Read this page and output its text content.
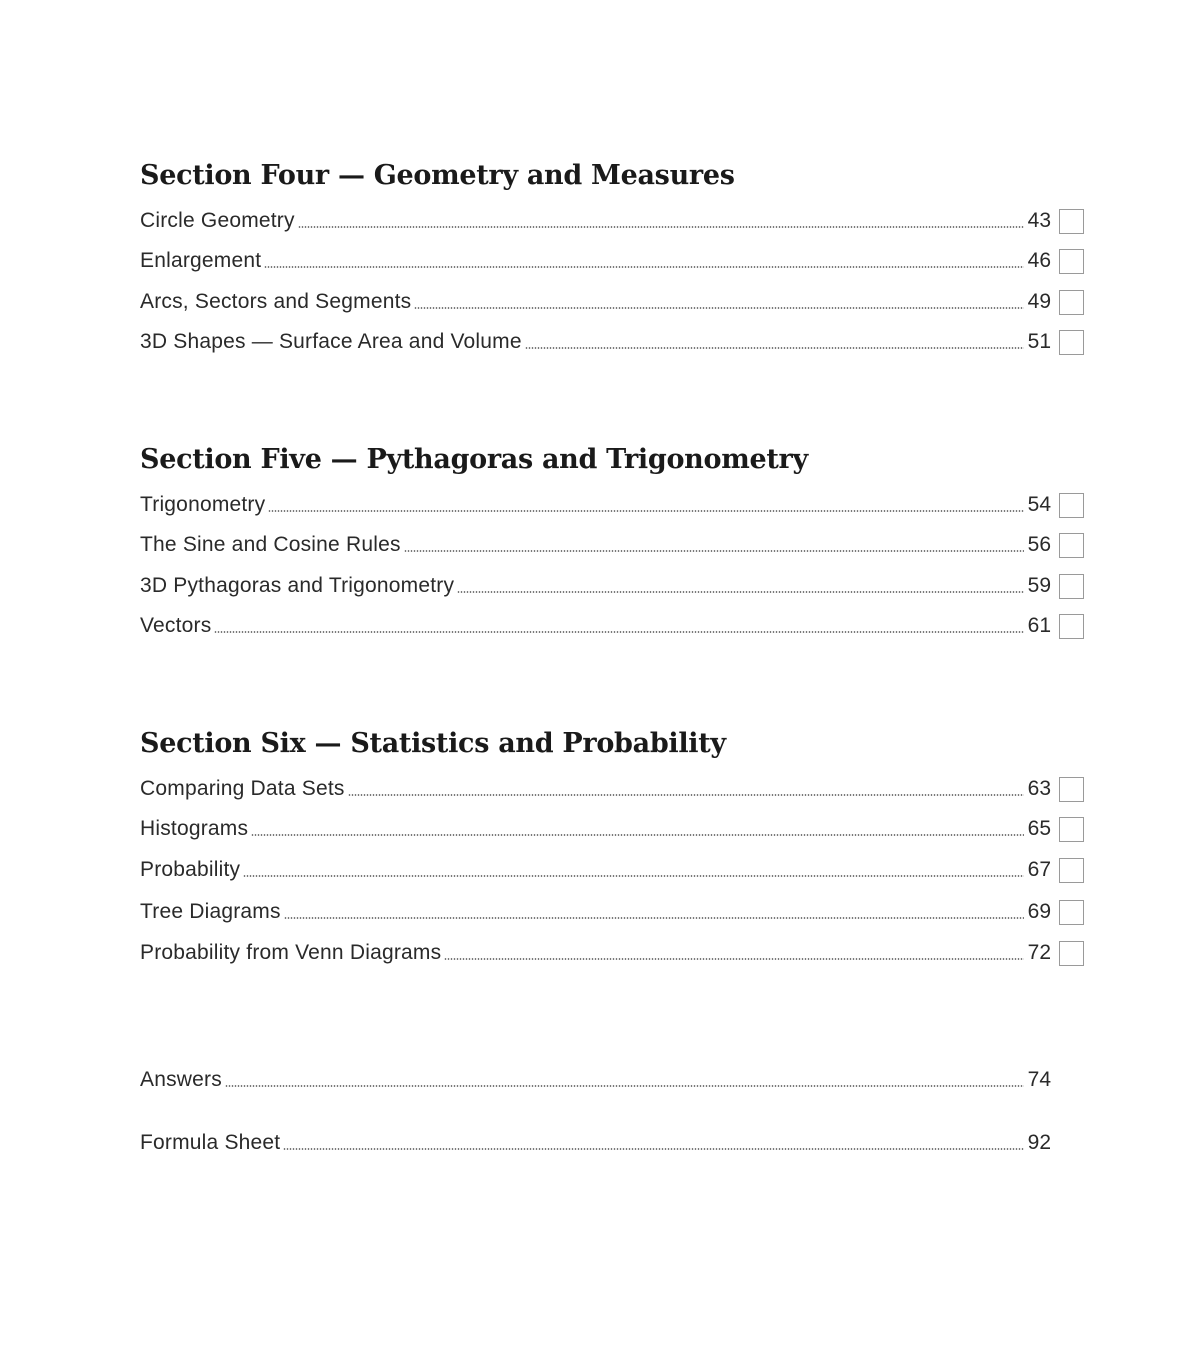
Section Four — Geometry and Measures
Circle Geometry	43
Enlargement	46
Arcs, Sectors and Segments	49
3D Shapes — Surface Area and Volume	51
Section Five — Pythagoras and Trigonometry
Trigonometry	54
The Sine and Cosine Rules	56
3D Pythagoras and Trigonometry	59
Vectors	61
Section Six — Statistics and Probability
Comparing Data Sets	63
Histograms	65
Probability	67
Tree Diagrams	69
Probability from Venn Diagrams	72
Answers	74
Formula Sheet	92
